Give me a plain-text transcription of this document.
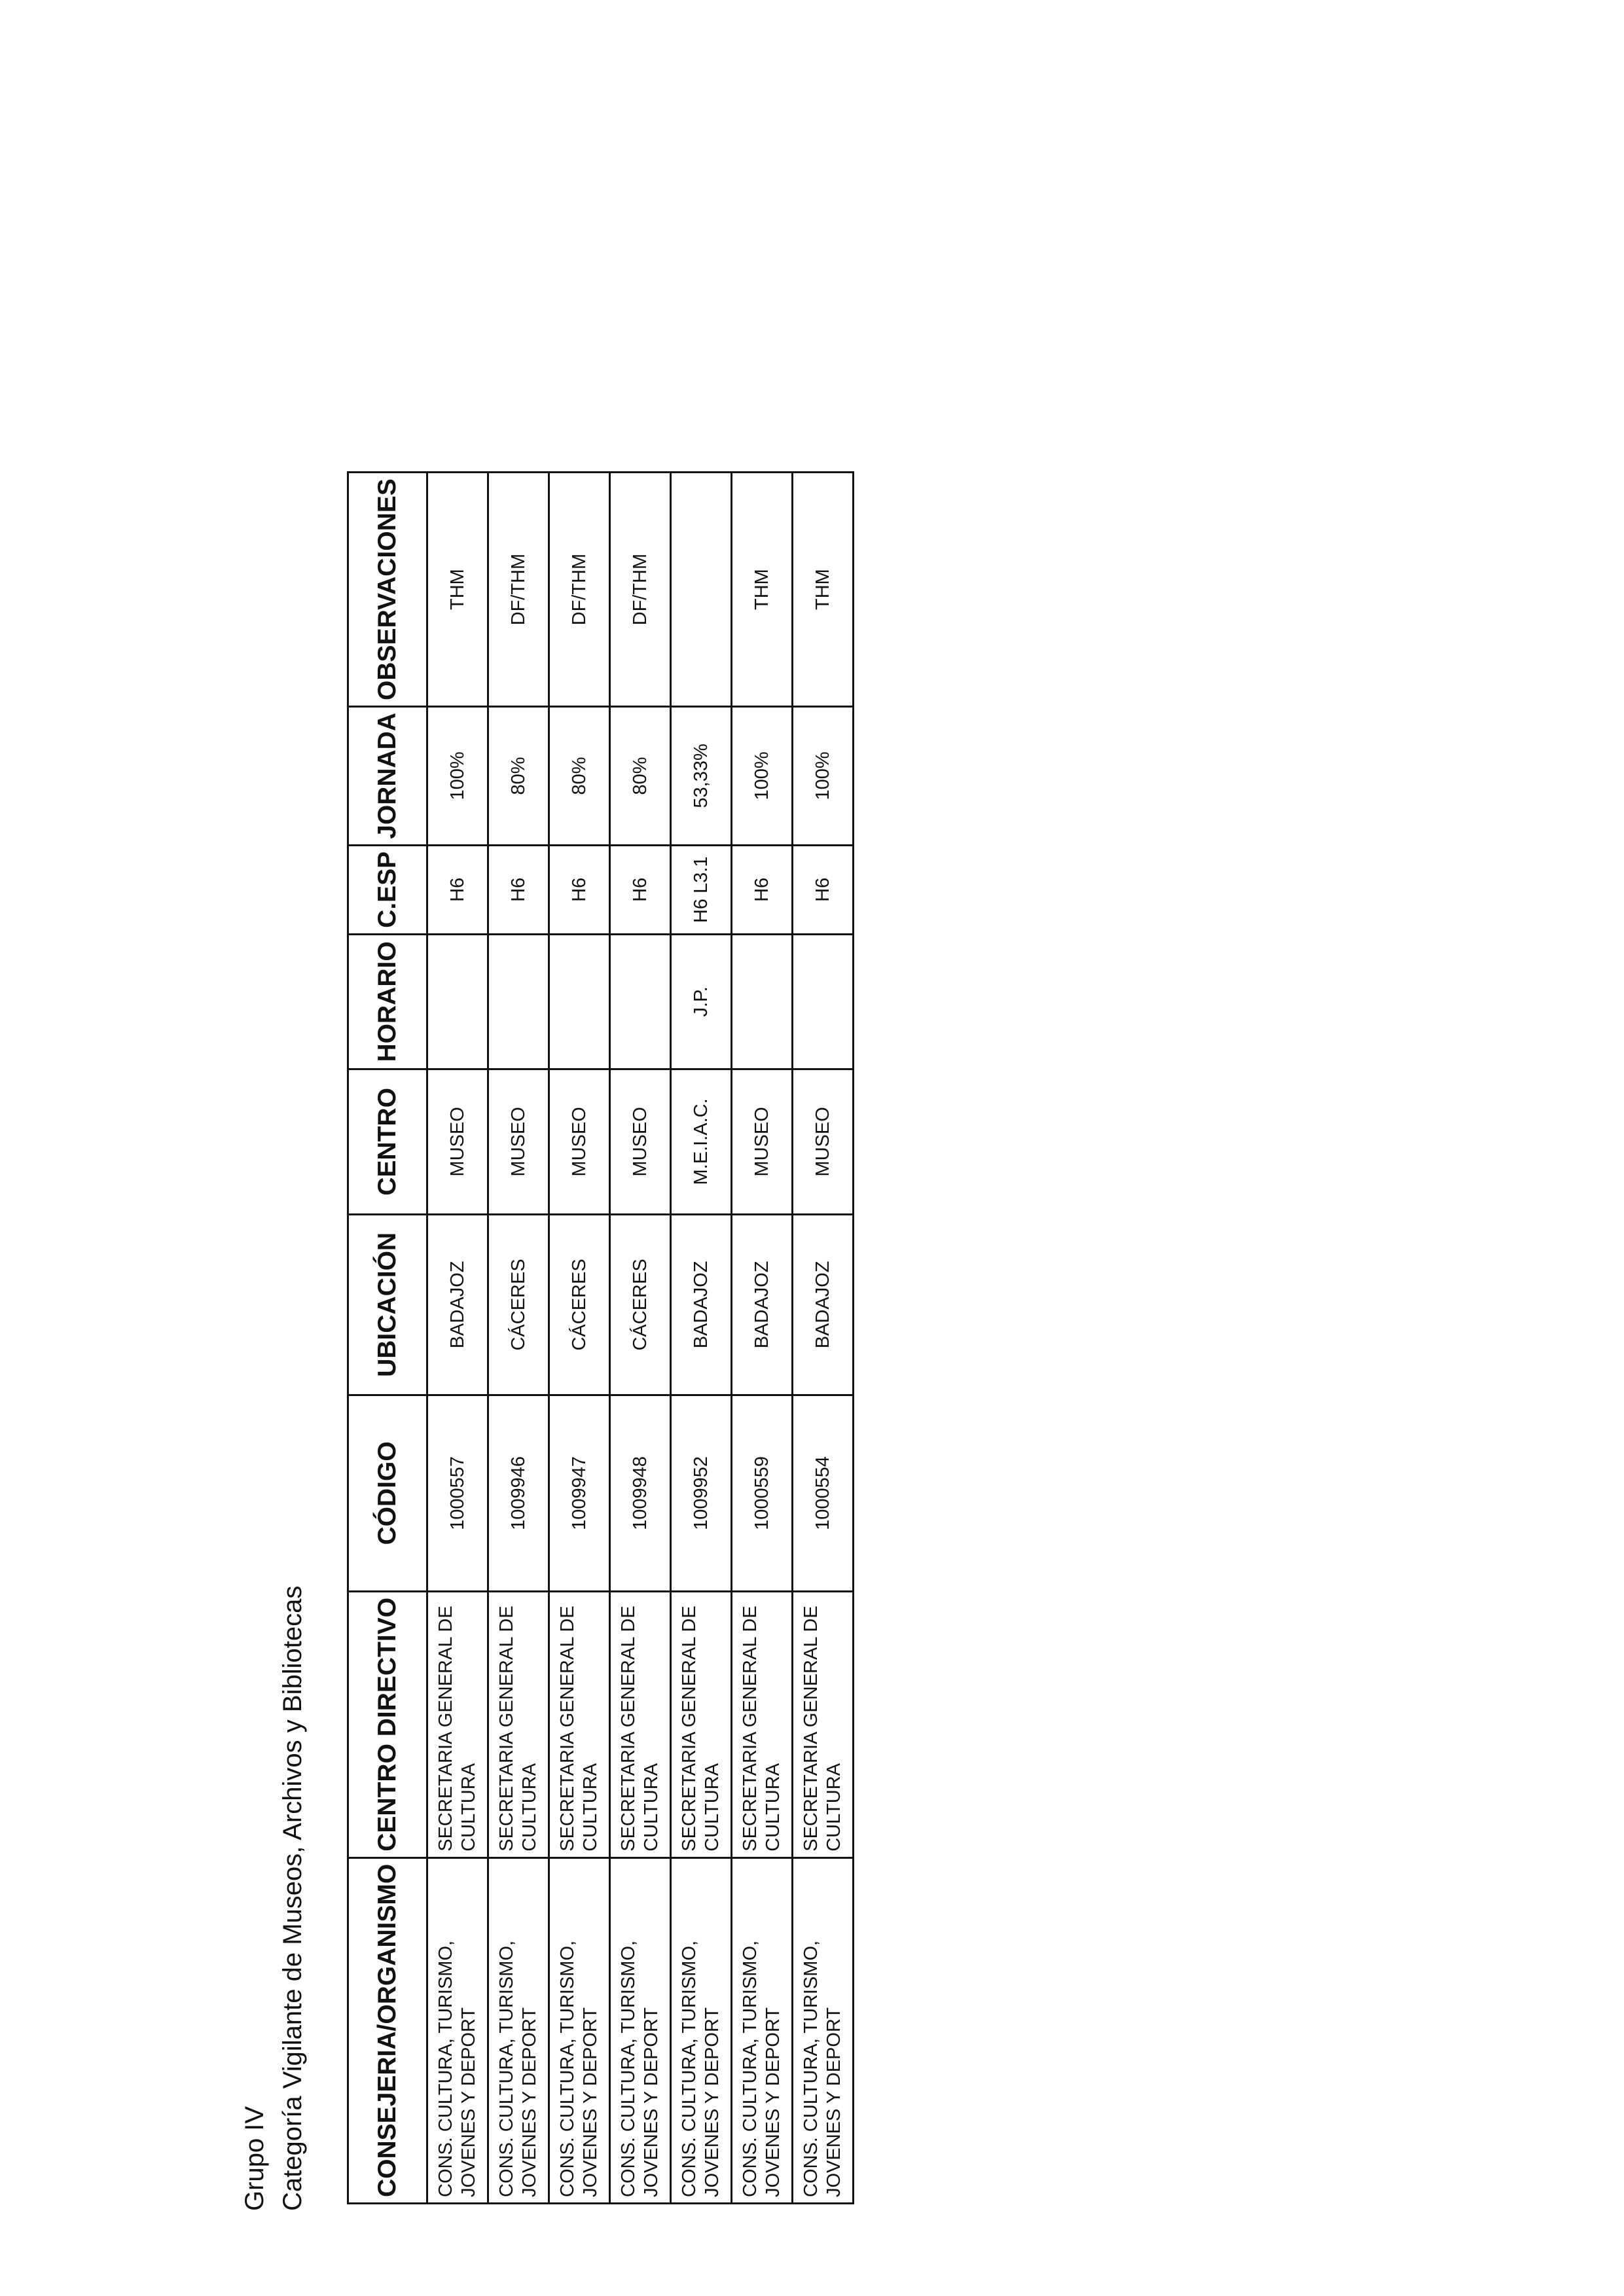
Grupo IV Categoría Vigilante de Museos, Archivos y Bibliotecas	CONSEJERIA/ORGANISMO	CENTRO DIRECTIVO	CÓDIGO	UBICACIÓN	CENTRO	HORARIO	C.ESP	JORNADA	OBSERVACIONES
CONS. CULTURA, TURISMO, JOVENES Y DEPORT	SECRETARIA GENERAL DE CULTURA	1000557	BADAJOZ	MUSEO		H6	100%	THM
CONS. CULTURA, TURISMO, JOVENES Y DEPORT	SECRETARIA GENERAL DE CULTURA	1009946	CÁCERES	MUSEO		H6	80%	DF/THM
CONS. CULTURA, TURISMO, JOVENES Y DEPORT	SECRETARIA GENERAL DE CULTURA	1009947	CÁCERES	MUSEO		H6	80%	DF/THM
CONS. CULTURA, TURISMO, JOVENES Y DEPORT	SECRETARIA GENERAL DE CULTURA	1009948	CÁCERES	MUSEO		H6	80%	DF/THM
CONS. CULTURA, TURISMO, JOVENES Y DEPORT	SECRETARIA GENERAL DE CULTURA	1009952	BADAJOZ	M.E.I.A.C.	J.P.	H6 L3.1	53,33%	
CONS. CULTURA, TURISMO, JOVENES Y DEPORT	SECRETARIA GENERAL DE CULTURA	1000559	BADAJOZ	MUSEO		H6	100%	THM
CONS. CULTURA, TURISMO, JOVENES Y DEPORT	SECRETARIA GENERAL DE CULTURA	1000554	BADAJOZ	MUSEO		H6	100%	THM
